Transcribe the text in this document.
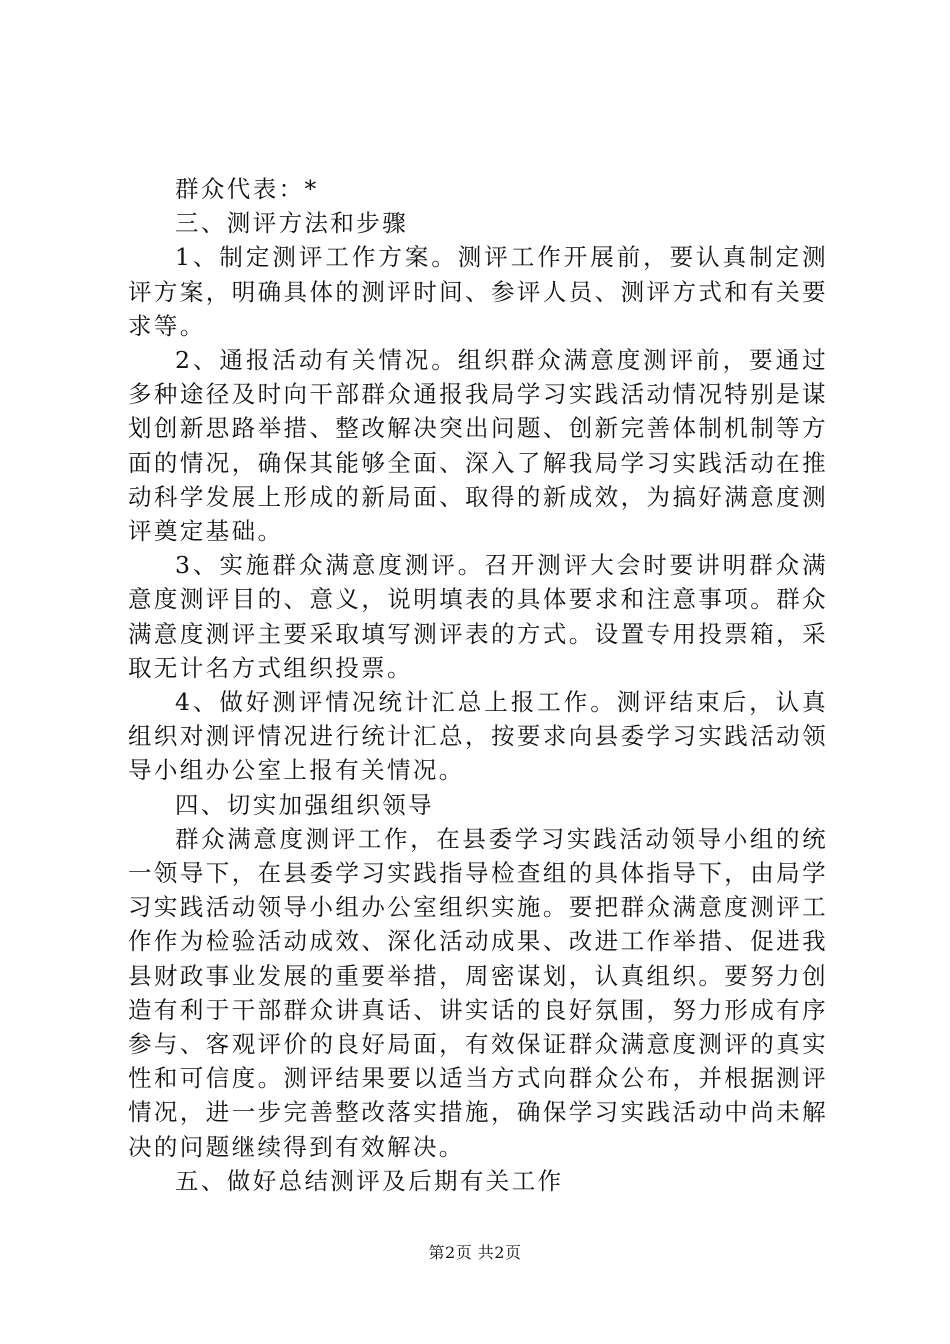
群众代表：*

三、测评方法和步骤

1、制定测评工作方案。测评工作开展前，要认真制定测评方案，明确具体的测评时间、参评人员、测评方式和有关要求等。

2、通报活动有关情况。组织群众满意度测评前，要通过多种途径及时向干部群众通报我局学习实践活动情况特别是谋划创新思路举措、整改解决突出问题、创新完善体制机制等方面的情况，确保其能够全面、深入了解我局学习实践活动在推动科学发展上形成的新局面、取得的新成效，为搞好满意度测评奠定基础。

3、实施群众满意度测评。召开测评大会时要讲明群众满意度测评目的、意义，说明填表的具体要求和注意事项。群众满意度测评主要采取填写测评表的方式。设置专用投票箱，采取无计名方式组织投票。

4、做好测评情况统计汇总上报工作。测评结束后，认真组织对测评情况进行统计汇总，按要求向县委学习实践活动领导小组办公室上报有关情况。

四、切实加强组织领导

群众满意度测评工作，在县委学习实践活动领导小组的统一领导下，在县委学习实践指导检查组的具体指导下，由局学习实践活动领导小组办公室组织实施。要把群众满意度测评工作作为检验活动成效、深化活动成果、改进工作举措、促进我县财政事业发展的重要举措，周密谋划，认真组织。要努力创造有利于干部群众讲真话、讲实话的良好氛围，努力形成有序参与、客观评价的良好局面，有效保证群众满意度测评的真实性和可信度。测评结果要以适当方式向群众公布，并根据测评情况，进一步完善整改落实措施，确保学习实践活动中尚未解决的问题继续得到有效解决。

五、做好总结测评及后期有关工作

第2页 共2页
